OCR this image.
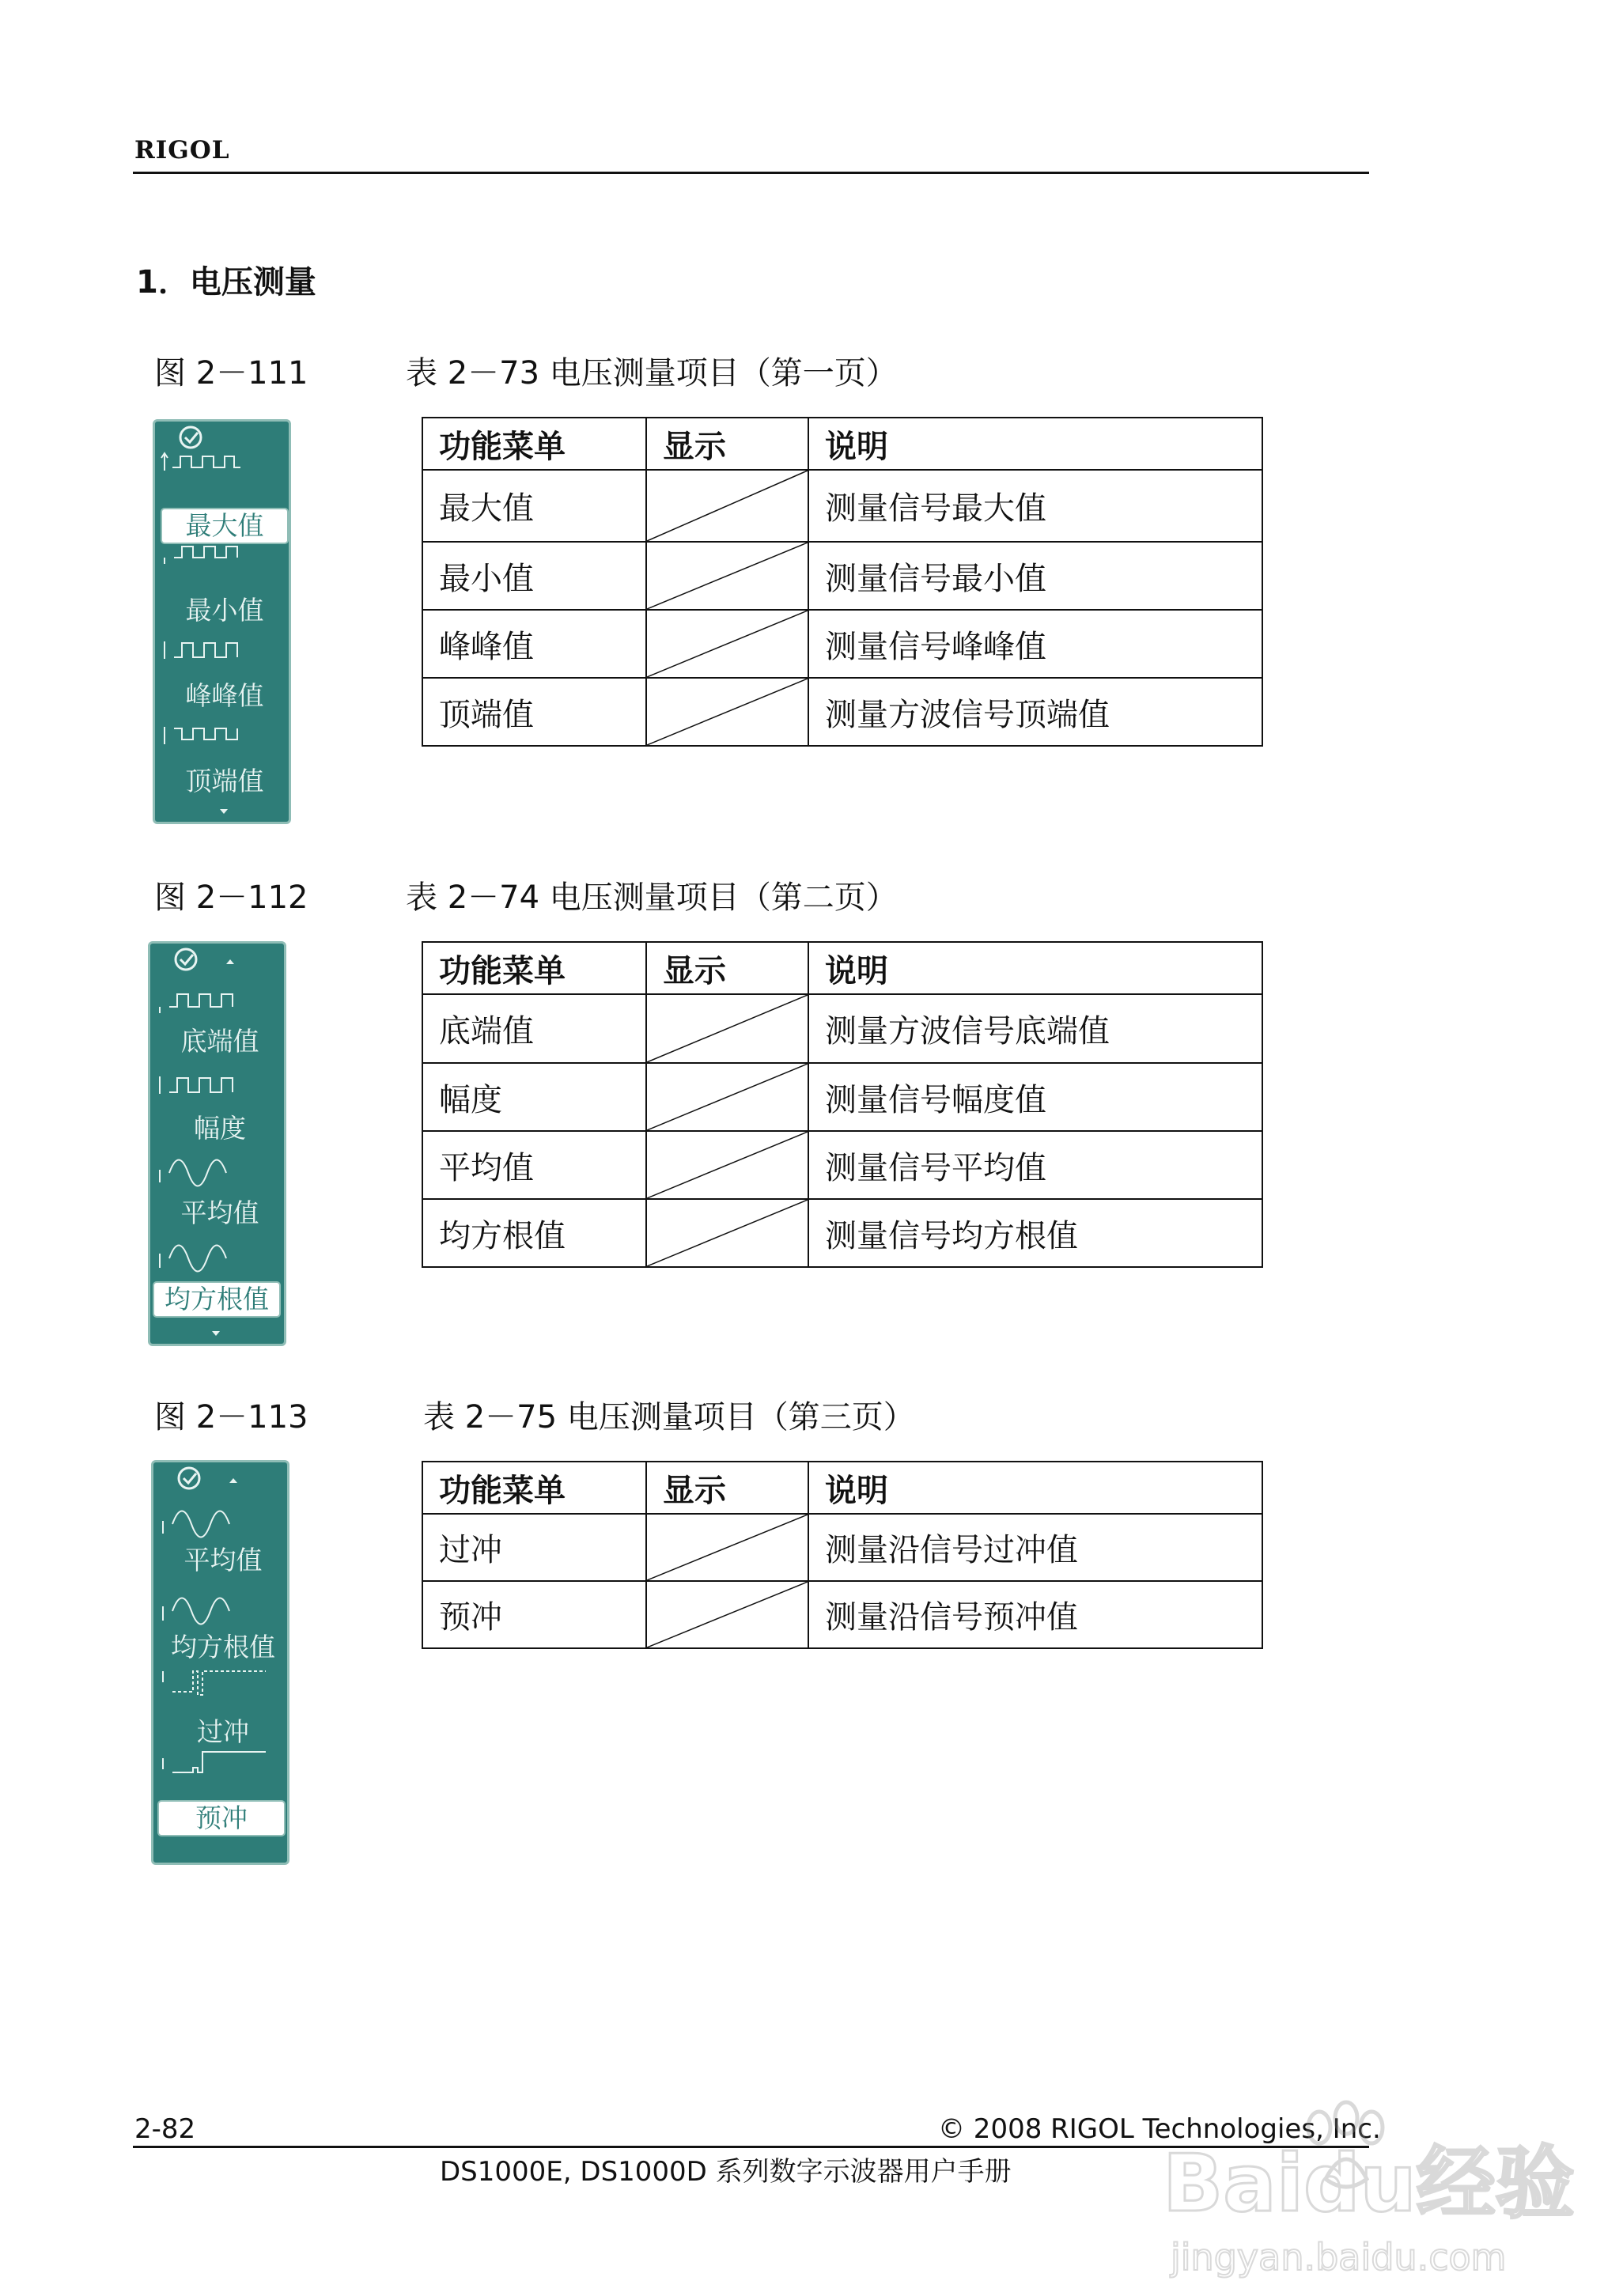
RIGOL
1．电压测量
图 2－111	表 2－73 电压测量项目（第一页）
最大值
最小值
峰峰值
顶端值
功能菜单	显示	说明
最大值		测量信号最大值
最小值		测量信号最小值
峰峰值		测量信号峰峰值
顶端值		测量方波信号顶端值
图 2－112	表 2－74 电压测量项目（第二页）
底端值
幅度
平均值
均方根值
功能菜单	显示	说明
底端值		测量方波信号底端值
幅度		测量信号幅度值
平均值		测量信号平均值
均方根值		测量信号均方根值
图 2－113	表 2－75 电压测量项目（第三页）
平均值
均方根值
过冲
预冲
功能菜单	显示	说明
过冲		测量沿信号过冲值
预冲		测量沿信号预冲值
2-82	© 2008 RIGOL Technologies, Inc.
DS1000E, DS1000D 系列数字示波器用户手册 Baidu经验
jingyan.baidu.com
